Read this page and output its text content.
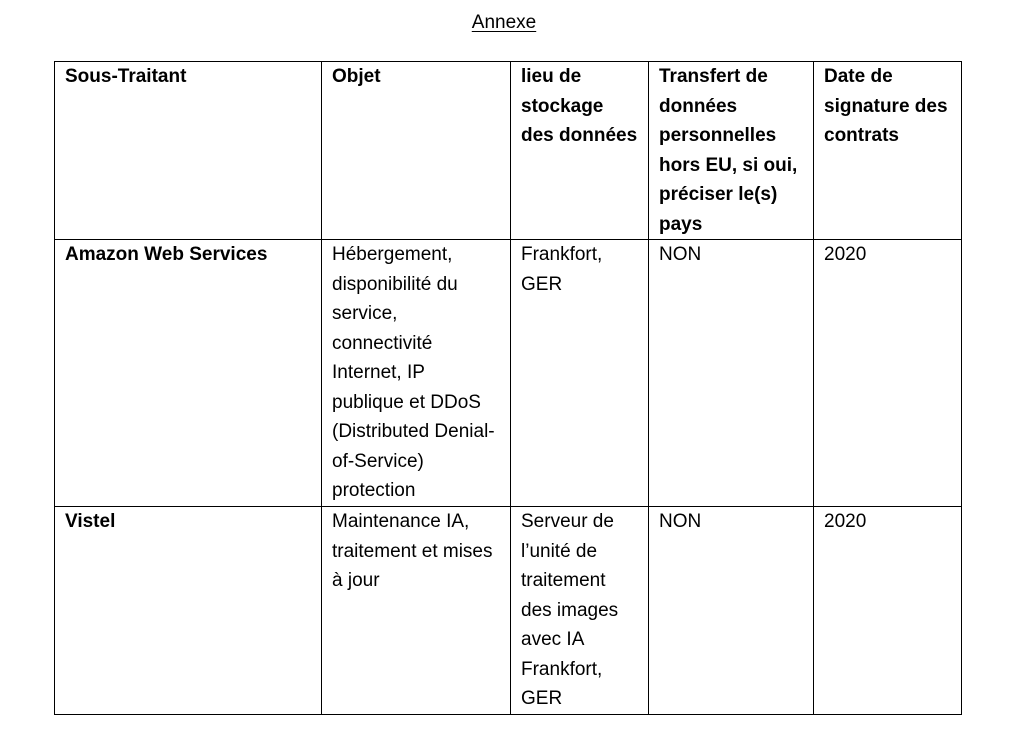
Annexe
Sous-Traitant	Objet	lieu de stockage des données	Transfert de données personnelles hors EU, si oui, préciser le(s) pays	Date de signature des contrats
Amazon Web Services	Hébergement, disponibilité du service, connectivité Internet, IP publique et DDoS (Distributed Denial-of-Service) protection	Frankfort, GER	NON	2020
Vistel	Maintenance IA, traitement et mises à jour	Serveur de l’unité de traitement des images avec IA Frankfort, GER	NON	2020
